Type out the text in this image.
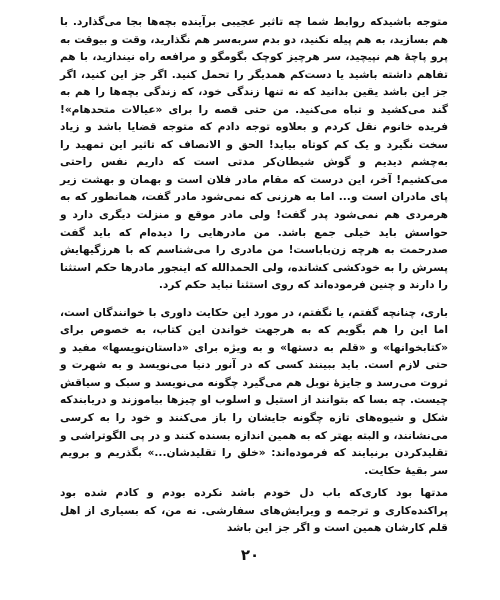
متوجه باشیدکه روابط شما چه تاثیر عجیبی برآینده بچه‌ها بجا می‌گذارد. با هم بسازید، به هم پیله نکنید، دو بدم سربه‌سر هم نگذارید، وقت و بیوقت به پرو پاچهٔ هم نپیچید، سر هرچیز کوچک بگومگو و مرافعه راه نیندازید، با هم تفاهم داشته باشید یا دست‌کم همدیگر را تحمل کنید. اگر جز این کنید، اگر جز این باشد یقین بدانید که نه تنها زندگی خود، که زندگی بچه‌ها را هم به گند می‌کشید و تباه می‌کنید. من حتی قصه را برای «عیالات متحدهام»! فریده خانوم نقل کردم و بعلاوه توجه دادم که متوجه قضایا باشد و زیاد سخت نگیرد و یک کم کوتاه بیاید! الحق و الانصاف که تاثیر این تمهید را به‌چشم دیدیم و گوش شیطان‌کر مدتی است که داریم نفس راحتی می‌کشیم! آخر، این درست که مقام مادر فلان است و بهمان و بهشت زیر پای مادران است و... اما به هرزنی که نمی‌شود مادر گفت، همانطور که به هرمردی هم نمی‌شود پدر گفت! ولی مادر موقع و منزلت دیگری دارد و حواسش باید خیلی جمع باشد. من مادرهایی را دیده‌ام که باید گفت صدرحمت به هرچه زن‌باباست! من مادری را می‌شناسم که با هرزگیهایش پسرش را به خودکشی کشانده، ولی الحمدالله که اینجور مادرها حکم استثنا را دارند و چنین فرموده‌اند که روی استثنا نباید حکم کرد.

باری، چنانچه گفتم، یا نگفتم، در مورد این حکایت داوری با خوانندگان است، اما این را هم بگویم که به هرجهت خواندن این کتاب، به خصوص برای «کتابخوانها» و «قلم به دستها» و به ویژه برای «داستان‌نویسها» مفید و حتی لازم است. باید ببینند کسی که در آنور دنیا می‌نویسد و به شهرت و ثروت می‌رسد و جایزهٔ نوبل هم می‌گیرد چگونه می‌نویسد و سبک و سیاقش چیست. چه بسا که بتوانند از استیل و اسلوب او چیزها بیاموزند و دریابندکه شکل و شیوه‌های تازه چگونه جایشان را باز می‌کنند و خود را به کرسی می‌نشانند، و البته بهتر که به همین اندازه بسنده کنند و در پی الگوتراشی و تقلیدکردن برنیایند که فرموده‌اند: «خلق را تقلیدشان...» بگذریم و برویم سر بقیهٔ حکایت.

مدتها بود کاری‌که باب دل خودم باشد نکرده بودم و کادم شده بود پراکنده‌کاری و ترجمه و ویرایش‌های سفارشی. نه من، که بسیاری از اهل قلم کارشان همین است و اگر جز این باشد

۲۰
